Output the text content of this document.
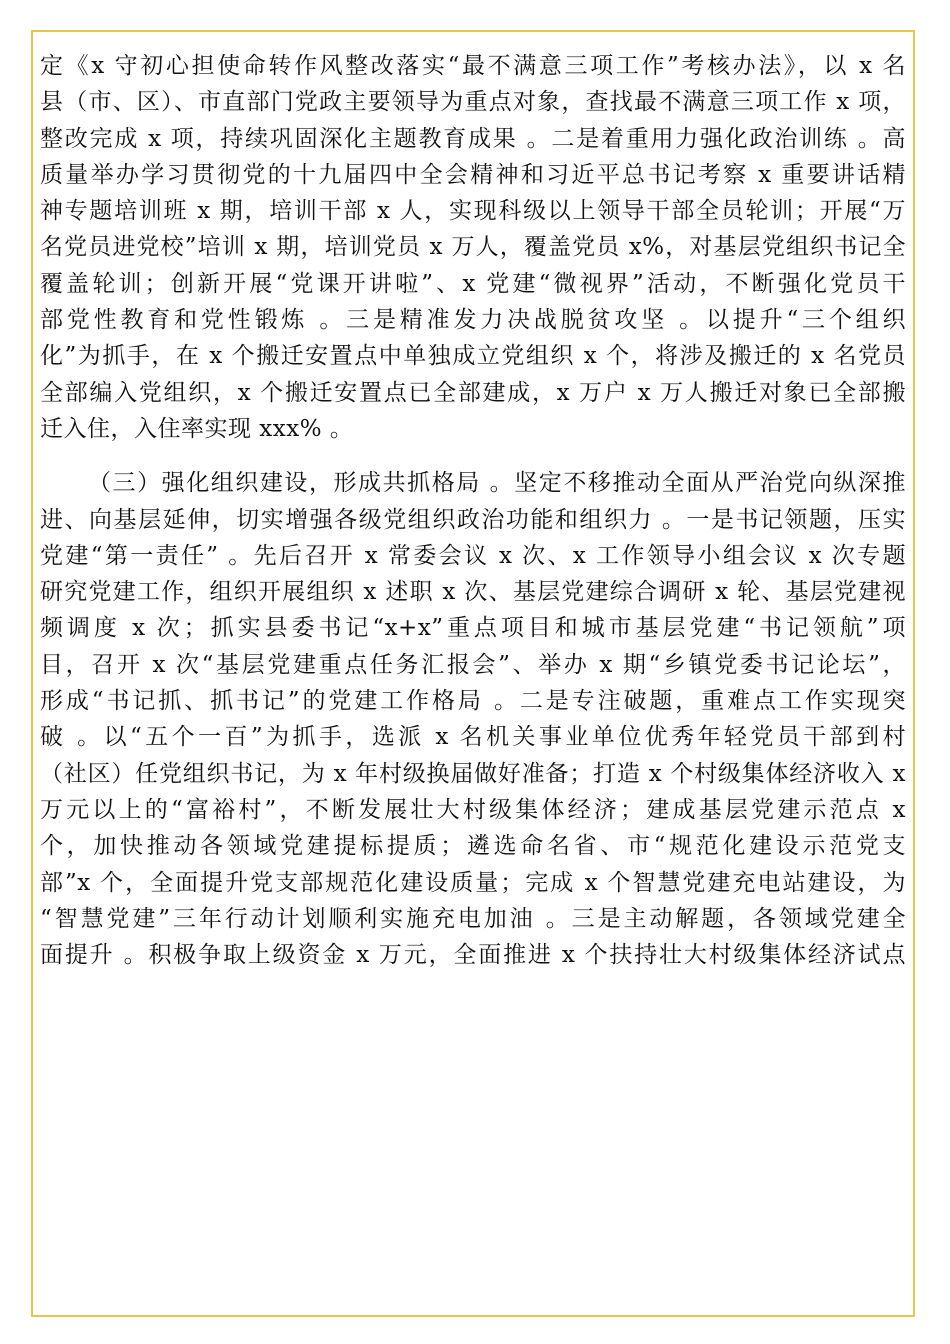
定《x 守初心担使命转作风整改落实“最不满意三项工作”考核办法》，以 x 名
县（市、区）、市直部门党政主要领导为重点对象，查找最不满意三项工作 x 项，
整改完成 x 项，持续巩固深化主题教育成果 。二是着重用力强化政治训练 。高
质量举办学习贯彻党的十九届四中全会精神和习近平总书记考察 x 重要讲话精
神专题培训班 x 期，培训干部 x 人，实现科级以上领导干部全员轮训；开展“万
名党员进党校”培训 x 期，培训党员 x 万人，覆盖党员 x%，对基层党组织书记全
覆盖轮训；创新开展“党课开讲啦”、x 党建“微视界”活动，不断强化党员干
部党性教育和党性锻炼 。三是精准发力决战脱贫攻坚 。以提升“三个组织
化”为抓手，在 x 个搬迁安置点中单独成立党组织 x 个，将涉及搬迁的 x 名党员
全部编入党组织，x 个搬迁安置点已全部建成，x 万户 x 万人搬迁对象已全部搬
迁入住，入住率实现 xxx% 。
（三）强化组织建设，形成共抓格局 。坚定不移推动全面从严治党向纵深推
进、向基层延伸，切实增强各级党组织政治功能和组织力 。一是书记领题，压实
党建“第一责任” 。先后召开 x 常委会议 x 次、x 工作领导小组会议 x 次专题
研究党建工作，组织开展组织 x 述职 x 次、基层党建综合调研 x 轮、基层党建视
频调度 x 次；抓实县委书记“x+x”重点项目和城市基层党建“书记领航”项
目，召开 x 次“基层党建重点任务汇报会”、举办 x 期“乡镇党委书记论坛”，
形成“书记抓、抓书记”的党建工作格局 。二是专注破题，重难点工作实现突
破 。以“五个一百”为抓手，选派 x 名机关事业单位优秀年轻党员干部到村
（社区）任党组织书记，为 x 年村级换届做好准备；打造 x 个村级集体经济收入 x
万元以上的“富裕村”，不断发展壮大村级集体经济；建成基层党建示范点 x
个，加快推动各领域党建提标提质；遴选命名省、市“规范化建设示范党支
部”x 个，全面提升党支部规范化建设质量；完成 x 个智慧党建充电站建设，为
“智慧党建”三年行动计划顺利实施充电加油 。三是主动解题，各领域党建全
面提升 。积极争取上级资金 x 万元，全面推进 x 个扶持壮大村级集体经济试点
